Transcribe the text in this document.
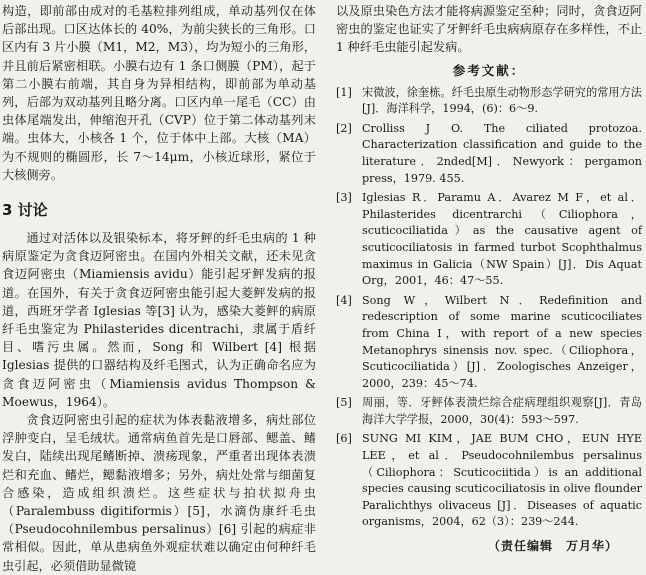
构造，即前部由成对的毛基粒排列组成，单动基列仅在体后部出现。口区达体长的 40%，为前尖狭长的三角形。口区内有 3 片小膜（M1，M2，M3），均为短小的三角形，并且前后紧密相联。小膜右边有 1 条口侧膜（PM），起于第二小膜右前端，其自身为异相结构，即前部为单动基列，后部为双动基列且略分离。口区内单一尾毛（CC）由虫体尾端发出，伸缩泡开孔（CVP）位于第二体动基列末端。虫体大，小核各 1 个，位于体中上部。大核（MA）为不规则的椭圆形，长 7～14μm，小核近球形，紧位于大核侧旁。

3 讨论

通过对活体以及银染标本，将牙鲆的纤毛虫病的 1 种病原鉴定为贪食迈阿密虫。在国内外相关文献，还未见贪食迈阿密虫（Miamiensis avidu）能引起牙鲆发病的报道。在国外，有关于贪食迈阿密虫能引起大菱鲆发病的报道，西班牙学者 Iglesias 等[3] 认为，感染大菱鲆的病原纤毛虫鉴定为 Philasterides dicentrachi，隶属于盾纤目、嗜污虫属。然而，Song 和 Wilbert [4] 根据 Iglesias 提供的口器结构及纤毛图式，认为正确命名应为贪食迈阿密虫（Miamiensis avidus Thompson & Moewus，1964）。

贪食迈阿密虫引起的症状为体表黏液增多，病灶部位浮肿变白，呈毛绒状。通常病鱼首先是口唇部、鳃盖、鳍发白，陆续出现尾鳍断掉、溃疡现象，严重者出现体表溃烂和充血、鳍烂，鳃黏液增多；另外，病灶处常与细菌复合感染，造成组织溃烂。这些症状与拍状拟舟虫（Paralembuss digitiformis）[5]，水滴伪康纤毛虫（Pseudocohnilembus persalinus）[6] 引起的病症非常相似。因此，单从患病鱼外观症状难以确定由何种纤毛虫引起，必须借助显微镜

以及原虫染色方法才能将病源鉴定至种；同时，贪食迈阿密虫的鉴定也证实了牙鲆纤毛虫病病原存在多样性，不止 1 种纤毛虫能引起发病。

参考文献：
[1] 宋微波，徐奎栋。纤毛虫原生动物形态学研究的常用方法[J]．海洋科学，1994，(6)：6～9.
[2] Crolliss J O. The ciliated protozoa. Characterization classification and guide to the literature．2nded[M]．Newyork：pergamon press，1979. 455.
[3] Iglesias R．Paramu A．Avarez M F，et al．Philasterides dicentrarchi（Ciliophora，scuticociliatida）as the causative agent of scuticociliatosis in farmed turbot Scophthalmus maximus in Galicia（NW Spain）[J]．Dis Aquat Org，2001，46：47～55.
[4] Song W，Wilbert N．Redefinition and redescription of some marine scuticociliates from China Ⅰ，with report of a new species Metanophrys sinensis nov. spec.（Ciliophora，Scuticociliatida）[J]．Zoologisches Anzeiger，2000，239：45～74.
[5] 周丽，等．牙鲆体表溃烂综合症病理组织观察[J]．青岛海洋大学学报，2000，30(4)：593～597.
[6] SUNG MI KIM，JAE BUM CHO，EUN HYE LEE，et al．Pseudocohnilembus persalinus（Ciliophora：Scuticociitida）is an additional species causing scuticociliatosis in olive flounder Paralichthys olivaceus [J]．Diseases of aquatic organisms，2004，62（3）：239～244.
（责任编辑　万月华）
